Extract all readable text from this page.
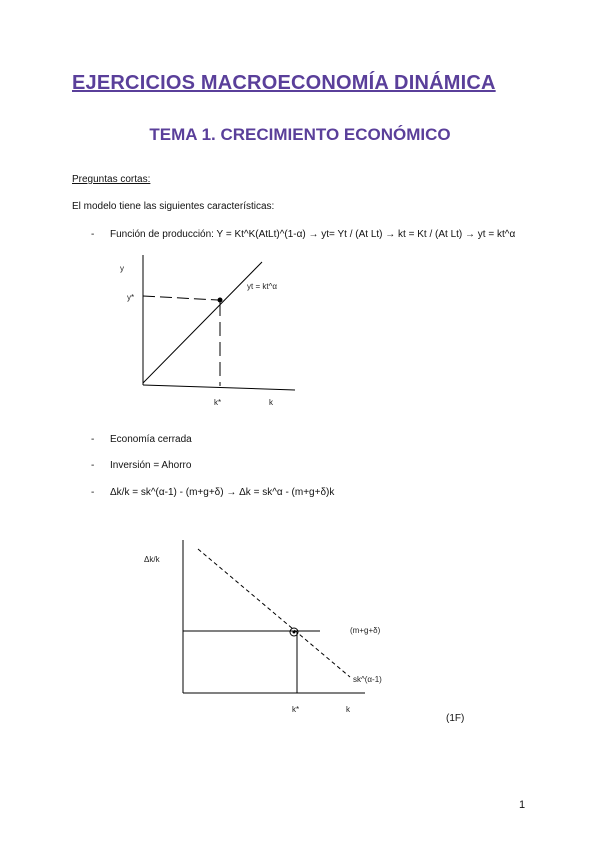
EJERCICIOS MACROECONOMÍA DINÁMICA
TEMA 1. CRECIMIENTO ECONÓMICO
Preguntas cortas:
El modelo tiene las siguientes características:
- Función de producción: Y = Kt^K(AtLt)^(1-α) → yt= Yt / (At Lt) → kt = Kt / (At Lt) → yt = kt^α
y
y*
yt = kt^α
k*	k
- Economía cerrada
- Inversión = Ahorro
- Δk/k = sk^(α-1) - (m+g+δ) → Δk = sk^α - (m+g+δ)k
Δk/k
(m+g+δ)
sk^(α-1)
k*	k
(1F)
1
